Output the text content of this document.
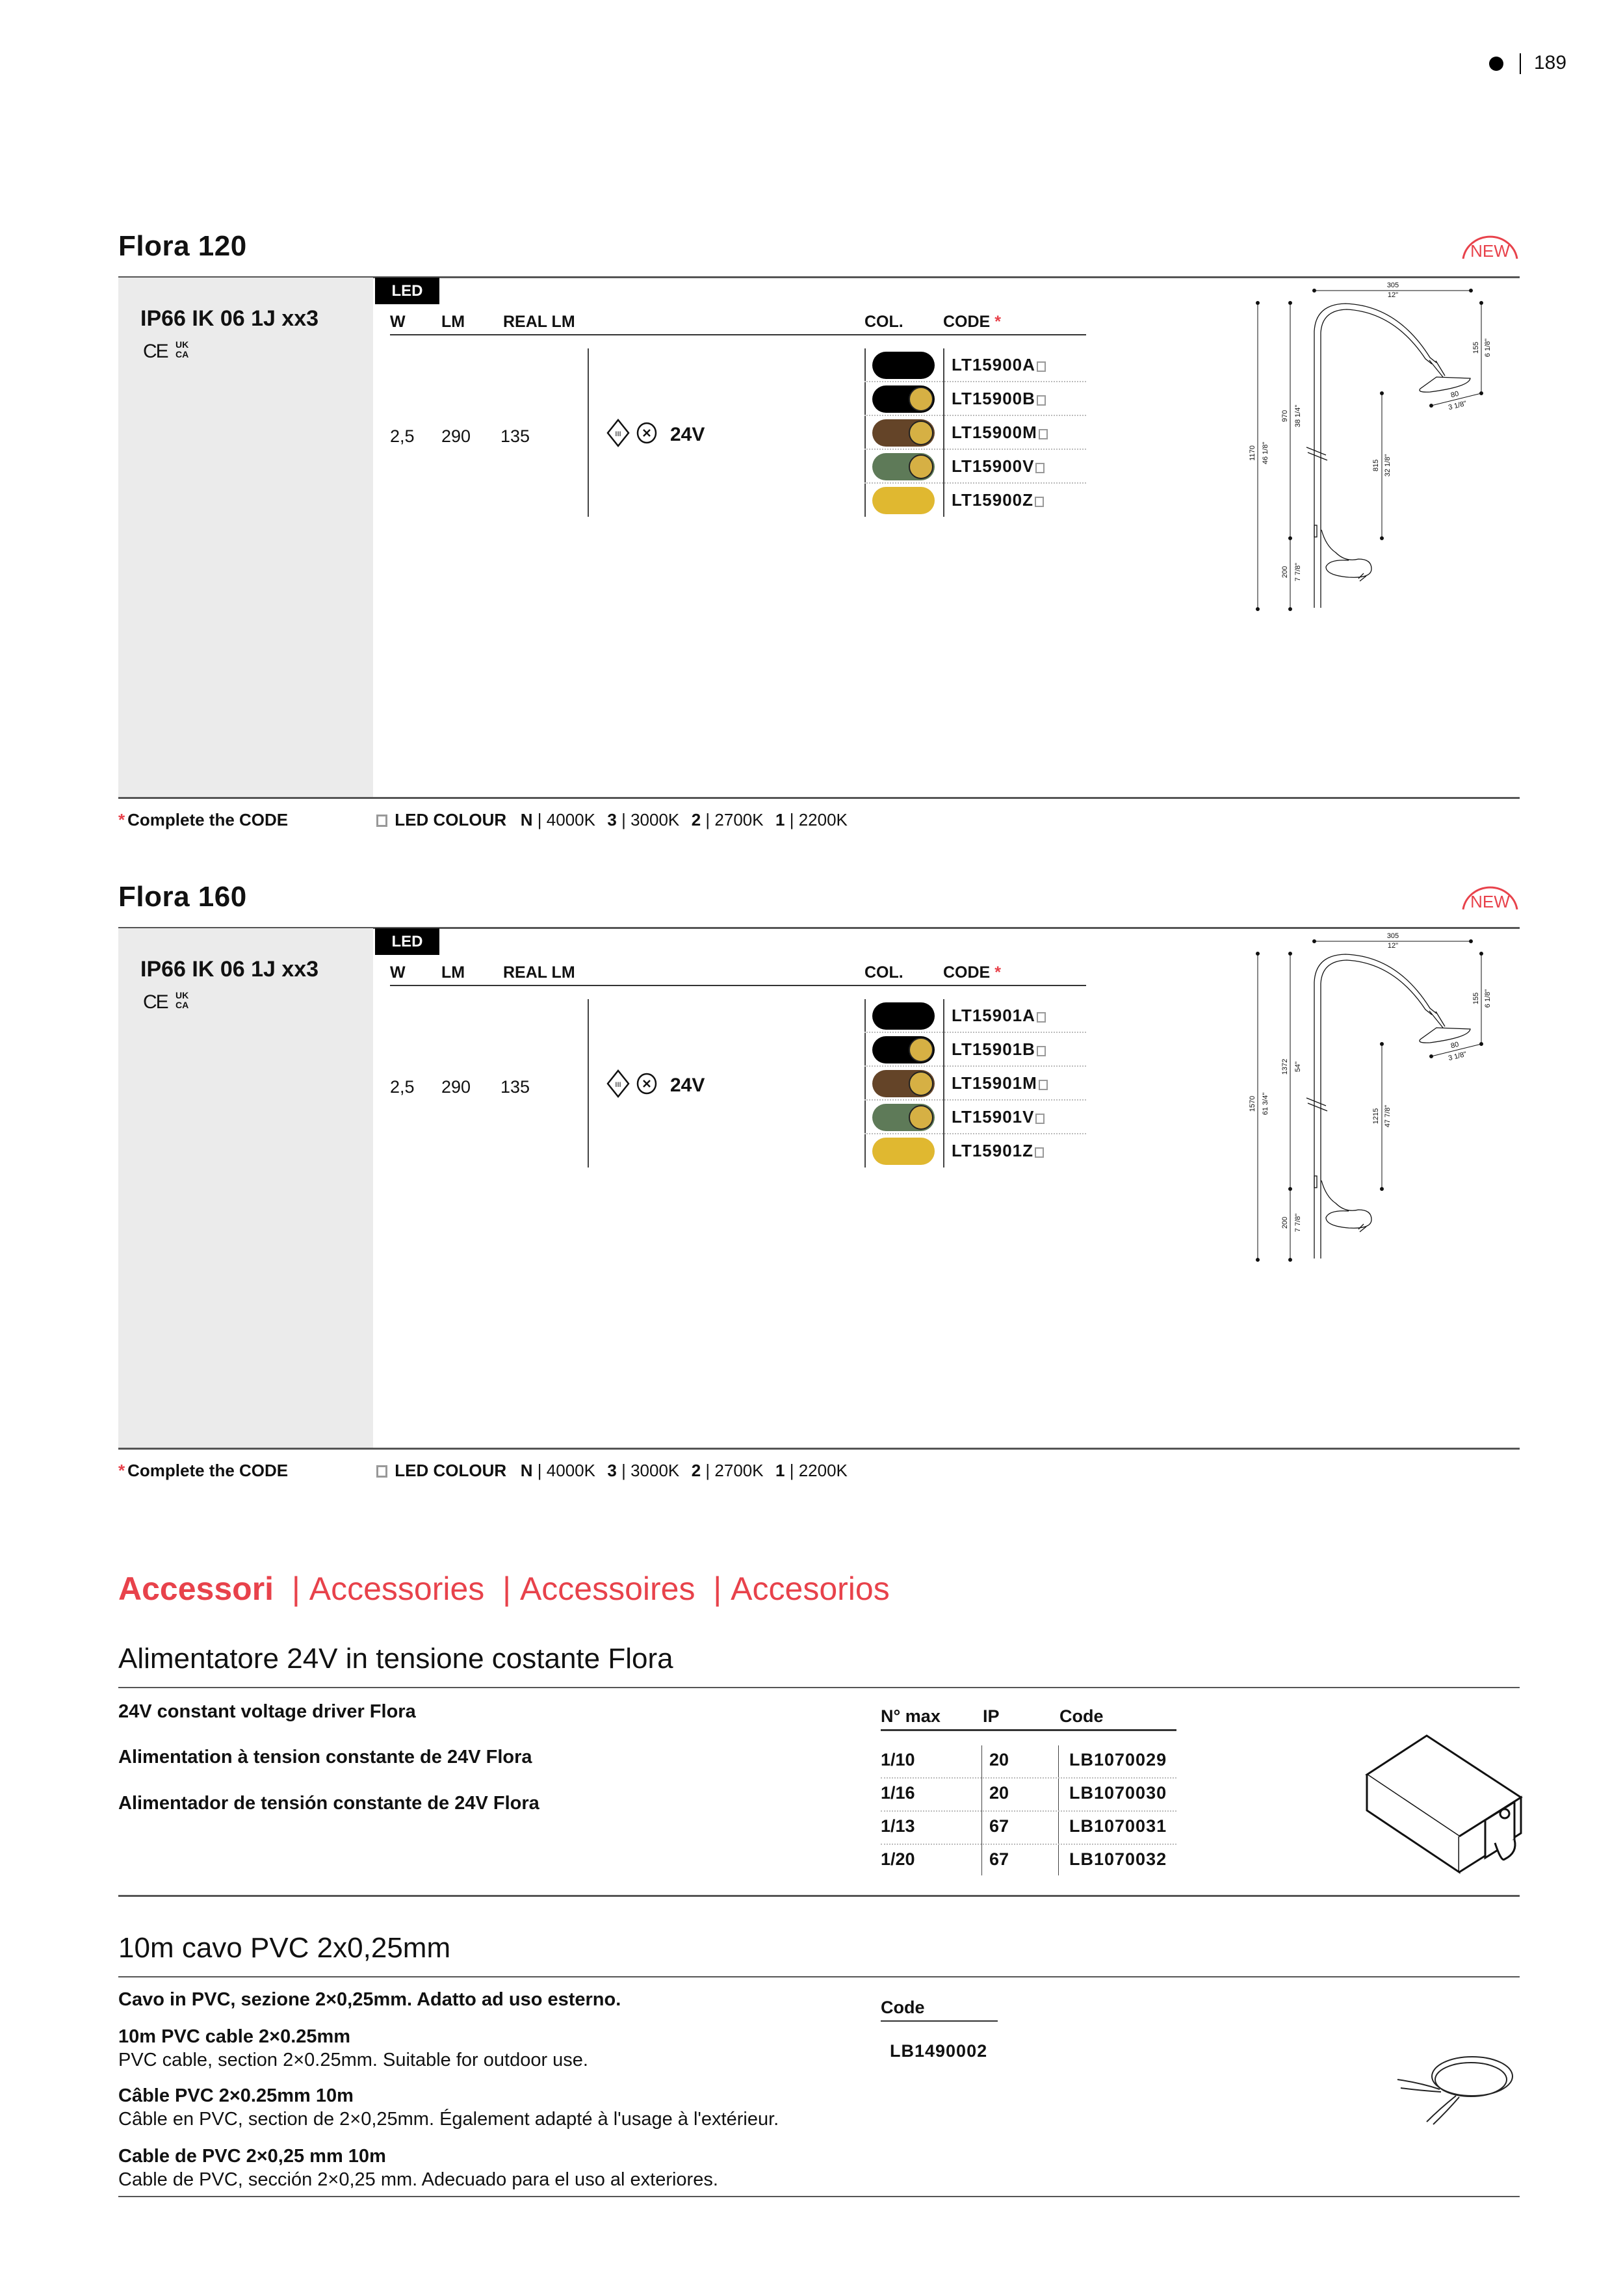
189
Flora 120	NEW
IP66 IK 06 1J xx3
CE UK CA
LED
W LM REAL LM	COL. CODE *
2,5 290 135	III	24V
LT15900A
LT15900B
LT15900M
LT15900V
LT15900Z
* Complete the CODE	LED COLOUR N | 4000K 3 | 3000K 2 | 2700K 1 | 2200K
305
12"
1170 46 1/8"
970 38 1/4"
200 7 7/8"
155 6 1/8"
80
3 1/8"
815 32 1/8"
Flora 160	NEW
IP66 IK 06 1J xx3
CE UK CA
LED
W LM REAL LM	COL. CODE *
2,5 290 135	III	24V
LT15901A
LT15901B
LT15901M
LT15901V
LT15901Z
* Complete the CODE	LED COLOUR N | 4000K 3 | 3000K 2 | 2700K 1 | 2200K
305
12"
1570 61 3/4"
1372 54"
200 7 7/8"
155 6 1/8"
80
3 1/8"
1215 47 7/8"
Accessori  | Accessories  | Accessoires  | Accesorios
Alimentatore 24V in tensione costante Flora
24V constant voltage driver Flora
Alimentation à tension constante de 24V Flora
Alimentador de tensión constante de 24V Flora
N° max IP	Code
1/10	20	LB1070029
1/16	20	LB1070030
1/13	67	LB1070031
1/20	67	LB1070032
10m cavo PVC 2x0,25mm
Cavo in PVC, sezione 2×0,25mm. Adatto ad uso esterno.
10m PVC cable 2×0.25mm
PVC cable, section 2×0.25mm. Suitable for outdoor use.
Câble PVC 2×0.25mm 10m
Câble en PVC, section de 2×0,25mm. Également adapté à l'usage à l'extérieur.
Cable de PVC 2×0,25 mm 10m
Cable de PVC, sección 2×0,25 mm. Adecuado para el uso al exteriores.
Code
LB1490002
